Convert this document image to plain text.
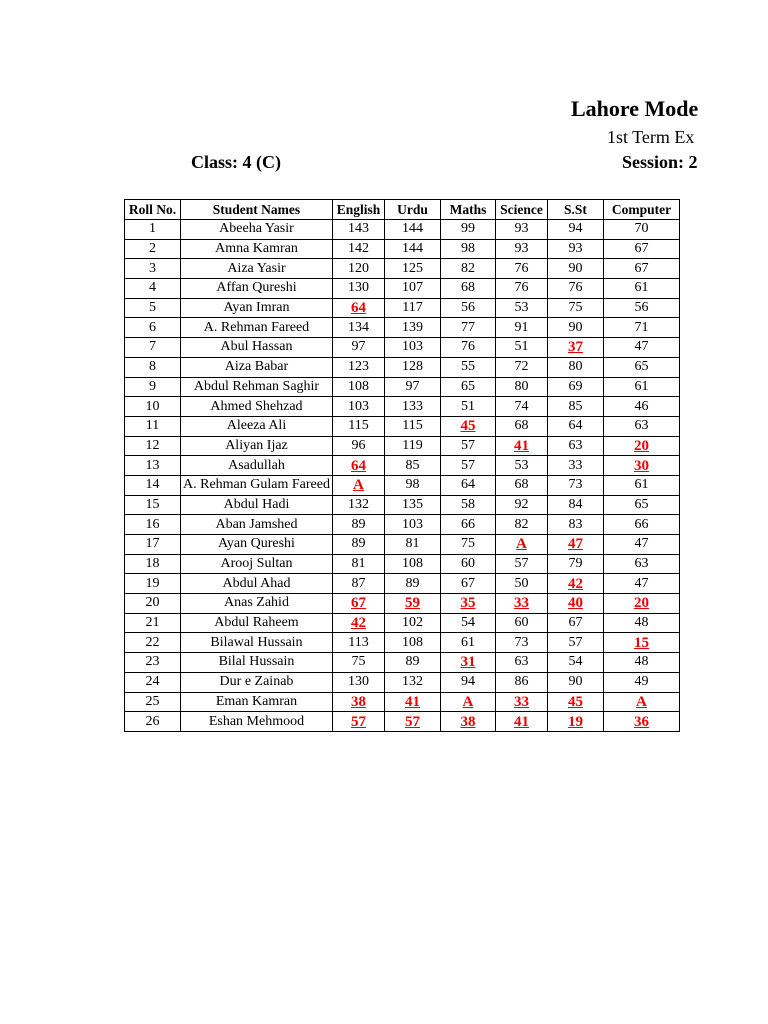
Lahore Mode
1st Term Ex
Class: 4 (C)	Session: 2
Roll No.	Student Names	English	Urdu	Maths	Science	S.St	Computer
1	Abeeha Yasir	143	144	99	93	94	70
2	Amna Kamran	142	144	98	93	93	67
3	Aiza Yasir	120	125	82	76	90	67
4	Affan Qureshi	130	107	68	76	76	61
5	Ayan Imran	64	117	56	53	75	56
6	A. Rehman Fareed	134	139	77	91	90	71
7	Abul Hassan	97	103	76	51	37	47
8	Aiza Babar	123	128	55	72	80	65
9	Abdul Rehman Saghir	108	97	65	80	69	61
10	Ahmed Shehzad	103	133	51	74	85	46
11	Aleeza Ali	115	115	45	68	64	63
12	Aliyan Ijaz	96	119	57	41	63	20
13	Asadullah	64	85	57	53	33	30
14	A. Rehman Gulam Fareed	A	98	64	68	73	61
15	Abdul Hadi	132	135	58	92	84	65
16	Aban Jamshed	89	103	66	82	83	66
17	Ayan Qureshi	89	81	75	A	47	47
18	Arooj Sultan	81	108	60	57	79	63
19	Abdul Ahad	87	89	67	50	42	47
20	Anas Zahid	67	59	35	33	40	20
21	Abdul Raheem	42	102	54	60	67	48
22	Bilawal Hussain	113	108	61	73	57	15
23	Bilal Hussain	75	89	31	63	54	48
24	Dur e Zainab	130	132	94	86	90	49
25	Eman Kamran	38	41	A	33	45	A
26	Eshan Mehmood	57	57	38	41	19	36
